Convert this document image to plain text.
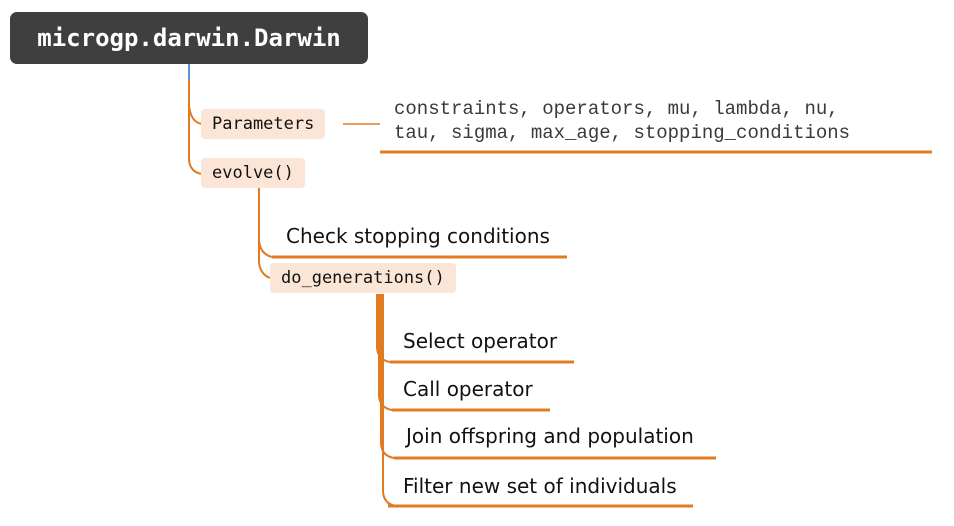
microgp.darwin.Darwin
Parameters
constraints, operators, mu, lambda, nu,
tau, sigma, max_age, stopping_conditions
evolve()
Check stopping conditions
do_generations()
Select operator
Call operator
Join offspring and population
Filter new set of individuals
